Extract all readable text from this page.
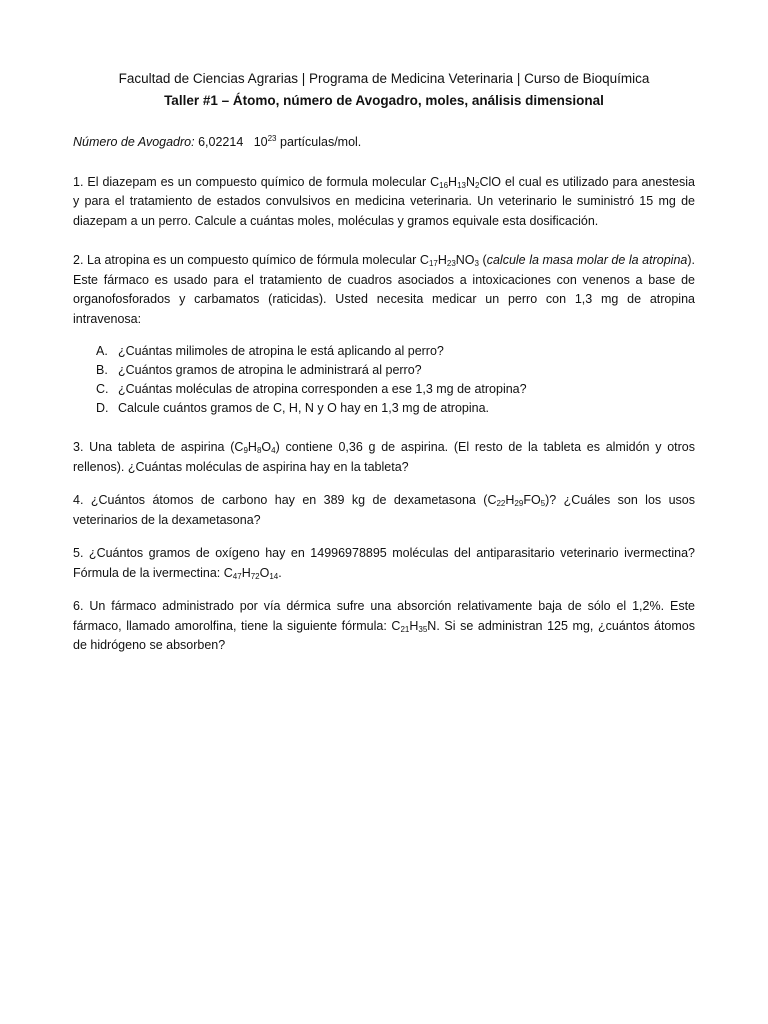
Facultad de Ciencias Agrarias | Programa de Medicina Veterinaria | Curso de Bioquímica
Taller #1 – Átomo, número de Avogadro, moles, análisis dimensional

Número de Avogadro: 6,02214 $10^{23}$ partículas/mol.

1. El diazepam es un compuesto químico de formula molecular $C_{16}H_{13}N_2ClO$ el cual es utilizado para anestesia y para el tratamiento de estados convulsivos en medicina veterinaria. Un veterinario le suministró 15 mg de diazepam a un perro. Calcule a cuántas moles, moléculas y gramos equivale esta dosificación.

2. La atropina es un compuesto químico de fórmula molecular $C_{17}H_{23}NO_3$ (calcule la masa molar de la atropina). Este fármaco es usado para el tratamiento de cuadros asociados a intoxicaciones con venenos a base de organofosforados y carbamatos (raticidas). Usted necesita medicar un perro con 1,3 mg de atropina intravenosa:

A. ¿Cuántas milimoles de atropina le está aplicando al perro?
B. ¿Cuántos gramos de atropina le administrará al perro?
C. ¿Cuántas moléculas de atropina corresponden a ese 1,3 mg de atropina?
D. Calcule cuántos gramos de C, H, N y O hay en 1,3 mg de atropina.

3. Una tableta de aspirina $(C_9H_8O_4)$ contiene 0,36 g de aspirina. (El resto de la tableta es almidón y otros rellenos). ¿Cuántas moléculas de aspirina hay en la tableta?

4. ¿Cuántos átomos de carbono hay en 389 kg de dexametasona $(C_{22}H_{29}FO_5)$? ¿Cuáles son los usos veterinarios de la dexametasona?

5. ¿Cuántos gramos de oxígeno hay en 14996978895 moléculas del antiparasitario veterinario ivermectina? Fórmula de la ivermectina: $C_{47}H_{72}O_{14}$.

6. Un fármaco administrado por vía dérmica sufre una absorción relativamente baja de sólo el 1,2%. Este fármaco, llamado amorolfina, tiene la siguiente fórmula: $C_{21}H_{35}N$. Si se administran 125 mg, ¿cuántos átomos de hidrógeno se absorben?
